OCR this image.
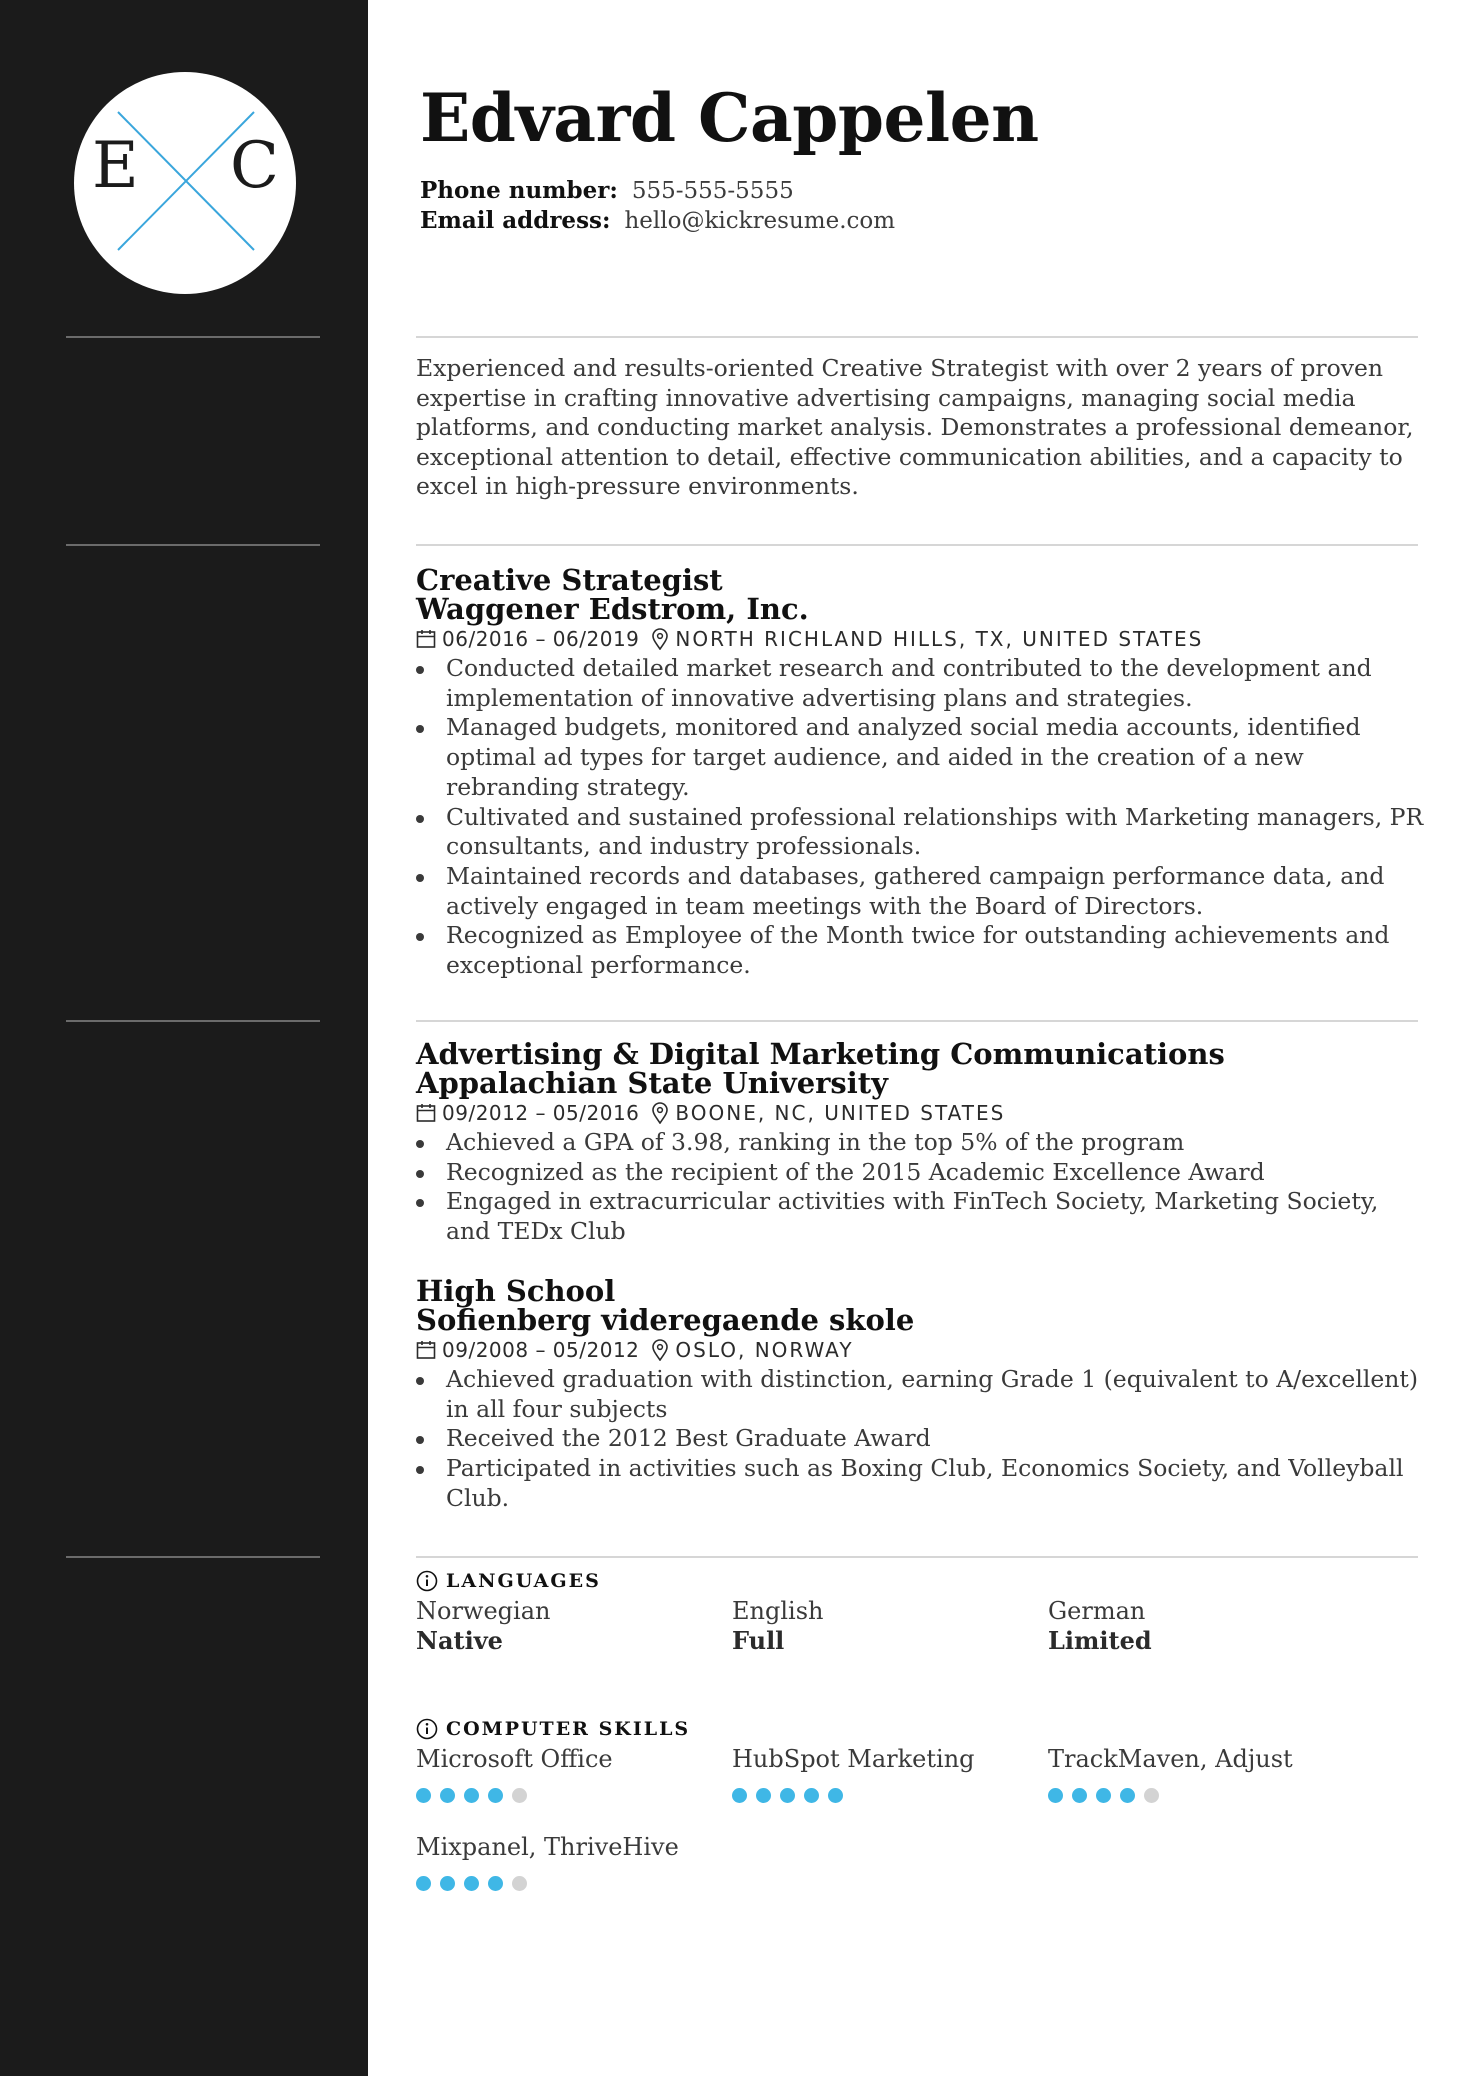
E C
Edvard Cappelen
Phone number: 555-555-5555
Email address: hello@kickresume.com

Experienced and results-oriented Creative Strategist with over 2 years of proven expertise in crafting innovative advertising campaigns, managing social media platforms, and conducting market analysis. Demonstrates a professional demeanor, exceptional attention to detail, effective communication abilities, and a capacity to excel in high-pressure environments.

Creative Strategist
Waggener Edstrom, Inc.
06/2016 – 06/2019 NORTH RICHLAND HILLS, TX, UNITED STATES
Conducted detailed market research and contributed to the development and implementation of innovative advertising plans and strategies.
Managed budgets, monitored and analyzed social media accounts, identified optimal ad types for target audience, and aided in the creation of a new rebranding strategy.
Cultivated and sustained professional relationships with Marketing managers, PR consultants, and industry professionals.
Maintained records and databases, gathered campaign performance data, and actively engaged in team meetings with the Board of Directors.
Recognized as Employee of the Month twice for outstanding achievements and exceptional performance.
Advertising & Digital Marketing Communications
Appalachian State University
09/2012 – 05/2016 BOONE, NC, UNITED STATES
Achieved a GPA of 3.98, ranking in the top 5% of the program
Recognized as the recipient of the 2015 Academic Excellence Award
Engaged in extracurricular activities with FinTech Society, Marketing Society, and TEDx Club
High School
Sofienberg videregaende skole
09/2008 – 05/2012 OSLO, NORWAY
Achieved graduation with distinction, earning Grade 1 (equivalent to A/excellent) in all four subjects
Received the 2012 Best Graduate Award
Participated in activities such as Boxing Club, Economics Society, and Volleyball Club.
LANGUAGES
Norwegian
Native
English
Full
German
Limited
COMPUTER SKILLS
Microsoft Office	HubSpot Marketing	TrackMaven, Adjust
Mixpanel, ThriveHive
